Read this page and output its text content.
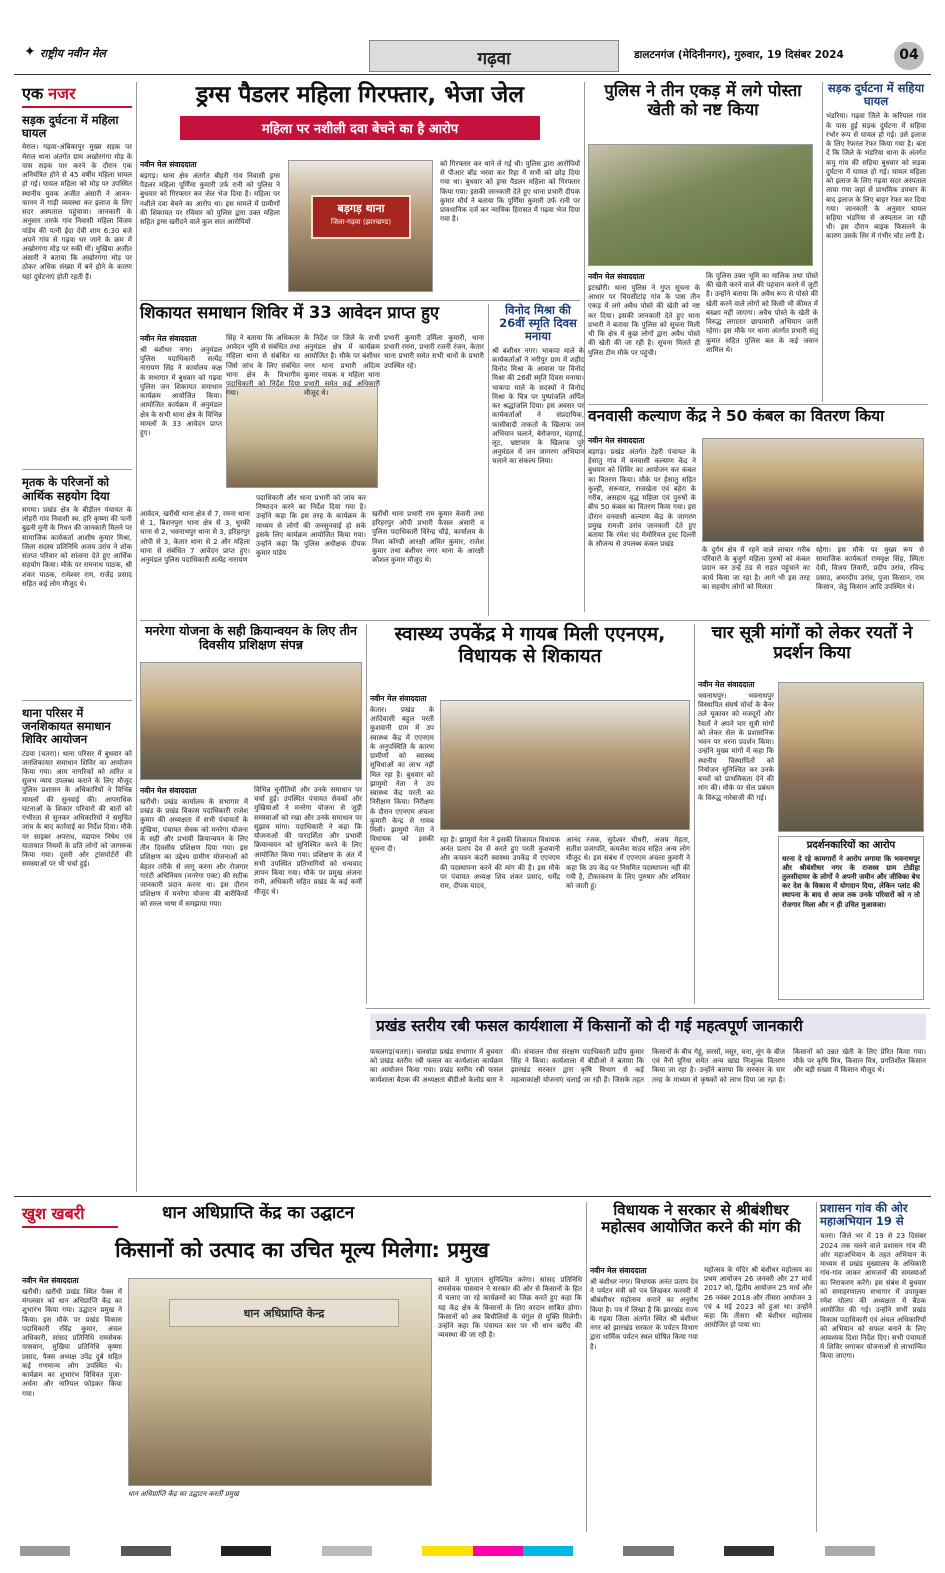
✦ राष्ट्रीय नवीन मेल	गढ़वा	डालटनगंज (मेदिनीनगर), गुरुवार, 19 दिसंबर 2024	04
एक नजर
सड़क दुर्घटना में महिला घायल
मेराल। गढ़वा-अंबिकापुर मुख्य सड़क पर मेराल थाना अंतर्गत ग्राम अखोरगंगा मोड़ के पास सड़क पार करने के दौरान एक अनियंत्रित होने से 45 वर्षीय महिला घायल हो गई। घायल महिला को मोड़ पर उपस्थित स्थानीय युवक अजीत अंसारी ने आनन-फानन में गाड़ी व्यवस्था कर इलाज के लिए सदर अस्पताल पहुंचाया। जानकारी के अनुसार तारके गांव निवासी महिला विजय पांडेय की पत्नी ईदा देवी शाम 6:30 बजे अपने गांव से गढ़वा घर जाने के क्रम में अखोरगंगा मोड़ पर रुकी थीं। मुखिया अजीत अंसारी ने बताया कि अखोरगंगा मोड़ पर ठोकर अधिक संख्या में बने होने के कारण यहां दुर्घटनाएं होती रहती हैं।
मृतक के परिजनों को आर्थिक सहयोग दिया
सगमा। प्रखंड क्षेत्र के बीड़ीतर पंचायत के लोहरी गांव निवासी स्व. हरि कृष्णा की पत्नी बुढ़नी मुनी के निधन की जानकारी मिलने पर सामाजिक कार्यकर्ता आशीष कुमार मिश्रा, जिला सदस्य प्रतिनिधि अजय उरांव ने शोक संतप्त परिवार को सांत्वना देते हुए आर्थिक सहयोग किया। मौके पर रामनाथ पाठक, श्री शंकर पाठक, रामेश्वर राम, राजेंद्र प्रसाद सहित कई लोग मौजूद थे।
थाना परिसर में जनशिकायत समाधान शिविर आयोजन
टंडवा (चतरा)। थाना परिसर में बुधवार को जनशिकायत समाधान शिविर का आयोजन किया गया। आम नागरिकों को त्वरित व सुलभ न्याय उपलब्ध कराने के लिए मौजूद पुलिस प्रशासन के अधिकारियों ने विभिन्न मामलों की सुनवाई की। आपराधिक घटनाओं के शिकार परिवारों की बातों को गंभीरता से सुनकर अधिकारियों ने समुचित जांच के बाद कार्रवाई का निर्देश दिया। मौके पर साइबर अपराध, मद्यपान निषेध एवं यातायात नियमों के प्रति लोगों को जागरूक किया गया। दूसरी ओर ट्रांसपोर्टरों की समस्याओं पर भी चर्चा हुई।
ड्रग्स पैडलर महिला गिरफ्तार, भेजा जेल
महिला पर नशीली दवा बेचने का है आरोप
नवीन मेल संवाददाता
बड़गड़। थाना क्षेत्र अंतर्गत बौहरी गांव निवासी ड्रग्स पैडलर महिला पूर्णिमा कुमारी उर्फ रानी को पुलिस ने बुधवार को गिरफ्तार कर जेल भेज दिया है। महिला पर नशीले दवा बेचने का आरोप था। इस मामले में ग्रामीणों की शिकायत पर रविवार को पुलिस द्वारा उक्त महिला सहित ड्रग्स खरीदने वाले कुल सात आरोपियों
बड़गड़ थाना
जिला-गढ़वा (झारखण्ड)
को गिरफ्तार कर थाने ले गई थी। पुलिस द्वारा आरोपियों से पीआर बॉड भरवा कर रिहा में सभी को छोड़ दिया गया था। बुधवार को ड्रग्स पैडलर महिला को गिरफ्तार किया गया। इसकी जानकारी देते हुए थाना प्रभारी दीपक कुमार मौर्य ने बताया कि पूर्णिमा कुमारी उर्फ रानी पर प्रावधानिक दर्ज कर न्यायिक हिरासत में गढ़वा भेज दिया गया है।
पुलिस ने तीन एकड़ में लगे पोस्ता खेती को नष्ट किया
नवीन मेल संवाददाता
इटखोरी। थाना पुलिस ने गुप्त सूचना के आधार पर चिपसीटांड़ गांव के पास तीन एकड़ में लगे अवैध पोस्ते की खेती को नष्ट कर दिया। इसकी जानकारी देते हुए थाना प्रभारी ने बताया कि पुलिस को सूचना मिली थी कि क्षेत्र में कुछ लोगों द्वारा अवैध पोस्ते की खेती की जा रही है। सूचना मिलते ही पुलिस टीम मौके पर पहुंची।
कि पुलिस उक्त भूमि का मालिक तथा पोस्ते की खेती करने वाले की पहचान करने में जुटी है। उन्होंने बताया कि अवैध रूप से पोस्ते की खेती करने वाले लोगों को किसी भी कीमत में बख्शा नहीं जाएगा। अवैध पोस्ते के खेती के विरुद्ध लगातार छापामारी अभियान जारी रहेगा। इस मौके पर थाना अंतर्गत प्रभारी संतु कुमार सहित पुलिस बल के कई जवान शामिल थे।
सड़क दुर्घटना में सहिया घायल
भंडरिया। गढ़वा जिले के करियाल गांव के पास हुई सड़क दुर्घटना में सहिया रंभोर रूप से घायल हो गई। उसे इलाज के लिए रेफरल रेफर किया गया है। बता दें कि जिले के भंडरिया थाना के अंतर्गत कपु गांव की सहिया बुधवार को सड़क दुर्घटना में घायल हो गई। घायल महिला को इलाज के लिए गढ़वा सदर अस्पताल लाया गया जहां से प्राथमिक उपचार के बाद इलाज के लिए बाहर रेफर कर दिया गया। जानकारी के अनुसार घायल सहिया भंडरिया से अस्पताल जा रही थी। इस दौरान बाइक फिसलने के कारण उसके सिर में गंभीर चोट लगी है।
शिकायत समाधान शिविर में 33 आवेदन प्राप्त हुए
नवीन मेल संवाददाता
श्री बंशीधर नगर। अनुमंडल पुलिस पदाधिकारी सत्येंद्र नारायण सिंह ने कार्यालय कक्ष के सभागार में बुधवार को गढ़वा पुलिस जन शिकायत समाधान कार्यक्रम आयोजित किया। आयोजित कार्यक्रम में अनुमंडल क्षेत्र के सभी थाना क्षेत्र के विभिन्न मामलों के 33 आवेदन प्राप्त हुए।
सिंह ने बताया कि अधिकतर आवेदन भूमि से संबंधित तथा महिला थाना से संबंधित था जिसे जांच के लिए संबंधित थाना क्षेत्र के विभागीय पदाधिकारी को निर्देश दिया गया।
के निर्देश पर जिले के सभी अनुमंडल क्षेत्र में कार्यक्रम आयोजित है। मौके पर बंशीधर नगर थाना प्रभारी अदित्य कुमार नायक व महिला थाना प्रभारी समेत कई अधिकारी मौजूद थे।
प्रभारी कुमारी उर्मिला कुमारी, थाना प्रभारी रमना, प्रभारी रजनी रंजन, केतार थाना प्रभारी समेत सभी थानों के प्रभारी उपस्थित रहे।
आवेदन, खरौंधी थाना क्षेत्र से 7, रमना थाना से 1, बिशनपुरा थाना क्षेत्र से 3, धुरकी थाना से 2, भवनाथपुर थाना से 3, हरिहरपुर ओपी से 3, केतार थाना से 2 और महिला थाना से संबंधित 7 आवेदन प्राप्त हुए। अनुमंडल पुलिस पदाधिकारी सत्येंद्र नारायण
पदाधिकारी और थाना प्रभारी को जांच कर निष्पादन करने का निर्देश दिया गया है। उन्होंने कहा कि इस तरह के कार्यक्रम के माध्यम से लोगों की जनसुनवाई हो सके इसके लिए कार्यक्रम आयोजित किया गया। उन्होंने कहा कि पुलिस अधीक्षक दीपक कुमार पांडेय
खरौंधी थाना प्रभारी राम कुमार केसरी तथा हरिहरपुर ओपी प्रभारी फैसल अंसारी व पुलिस पदाधिकारी विरेन्द्र चौड़े, कार्यालय के निशा कॉण्डी आरक्षी अमित कुमार, राजेश कुमार तथा बंशीधर नगर थाना के आरक्षी कौशल कुमार मौजूद थे।
विनोद मिश्रा की 26वीं स्मृति दिवस मनाया
श्री बंशीधर नगर। भाकपा माले के कार्यकर्ताओं ने नगीपुर ग्राम में शहीद विनोद मिश्रा के आवास पर विनोद मिश्रा की 26वीं स्मृति दिवस मनाया। भाकपा माले के सदस्यों ने विनोद मिश्रा के चित्र पर पुष्पांजलि अर्पित कर श्रद्धांजलि दिया। इस अवसर पर कार्यकर्ताओं ने संप्रदायिक, फासीवादी ताकतों के खिलाफ जन अभियान चलाने, बेरोजगार, मंहगाई, लूट, भ्रष्टाचार के खिलाफ पूरे अनुमंडल में जन जागरण अभियान चलाने का संकल्प लिया।
वनवासी कल्याण केंद्र ने 50 कंबल का वितरण किया
नवीन मेल संवाददाता
बड़गड़। प्रखंड अंतर्गत टेहरी पंचायत के हेसातु गांव में वनवासी कल्याण केंद्र ने बुधवार को शिविर का आयोजन कर कंबल का वितरण किया। मौके पर हेसातु सहित कुल्ही, सरूयात, राजखेता एवं बहेरा के गरीब, असहाय वृद्ध महिला एवं पुरुषों के बीच 50 कंबल का वितरण किया गया। इस दौरान वनवासी कल्याण केंद्र के जागरण प्रमुख रामजी उरांव जानकारी देते हुए बताया कि रमेश चंद मेमोरियल ट्रस्ट दिल्ली के सौजन्य से उपलब्ध कंबल प्रखंड
के दुर्गम क्षेत्र में रहने वाले लाचार गरीब परिवारों के बुजुर्ग महिला पुरुषों को कंबल प्रदान कर उन्हें ठंड से राहत पहुंचाने का कार्य किया जा रहा है। आगे भी इस तरह का सहयोग लोगों को मिलता
रहेगा। इस मौके पर मुख्य रूप से सामाजिक कार्यकर्ता रामवृक्ष सिंह, स्मिता देवी, विजय तिवारी, प्रदीप उरांव, रविन्द्र प्रसाद, अमरदीप उरांव, पुजा किसान, राम किसान, जेठु किसान आदि उपस्थित थे।
मनरेगा योजना के सही क्रियान्वयन के लिए तीन दिवसीय प्रशिक्षण संपन्न
नवीन मेल संवाददाता
खरौंधी। प्रखंड कार्यालय के सभागार में प्रखंड के प्रखंड विकास पदाधिकारी राजेश कुमार की अध्यक्षता में सभी पंचायतों के मुखिया, पंचायत सेवक को मनरेगा योजना के सही और प्रभावी क्रियान्वयन के लिए तीन दिवसीय प्रशिक्षण दिया गया। इस प्रशिक्षण का उद्देश्य ग्रामीण योजनाओं को बेहतर तरीके से लागू करना और रोजगार गारंटी अधिनियम (मनरेगा एक्ट) की सटीक जानकारी प्रदान करना था। इस दौरान प्रशिक्षण में मनरेगा योजना की बारीकियों को सरल भाषा में समझाया गया।
विभिन्न चुनौतियों और उनके समाधान पर चर्चा हुई। उपस्थित पंचायत सेवकों और मुखियाओं ने मनरेगा योजना से जुड़ी समस्याओं को रखा और उनके समाधान पर सुझाव मांगा। पदाधिकारी ने कहा कि योजनाओं की पारदर्शिता और प्रभावी क्रियान्वयन को सुनिश्चित करने के लिए आयोजित किया गया। प्रशिक्षण के अंत में सभी उपस्थित प्रतिभागियों को धन्यवाद ज्ञापन किया गया। मौके पर प्रमुख अंजना रानी, अधिकारी सहित प्रखंड के कई कर्मी मौजूद थे।
स्वास्थ्य उपकेंद्र मे गायब मिली एएनएम, विधायक से शिकायत
नवीन मेल संवाददाता
केतार। प्रखंड के आदिवासी बहुल परती कुशवानी ग्राम में उप स्वास्थ्य केंद्र में एएनएम के अनुपस्थिति के कारण ग्रामीणों को स्वास्थ्य सुविधाओं का लाभ नहीं मिल रहा है। बुधवार को झामुमो नेता ने उप स्वास्थ्य केंद्र परती का निरीक्षण किया। निरीक्षण के दौरान एएनएम अंचला कुमारी केन्द्र से गायब मिली। झामुमो नेता ने विधायक को इसकी सूचना दी।
रहा है। झामुमो नेता ने इसकी शिकायत विधायक अनंत प्रताप देव से करते हुए परती कुशवानी और कचवन कंदरी स्वास्थ्य उपकेंद्र में एएनएम की पदस्थापना करने की मांग की है। इस मौके पर पंचायत अध्यक्ष शिव शंकर प्रसाद, धर्मेंद्र राम, दीपक यादव,
आनंद रजक, सुदेश्वर चौधरी, अजय मेहता, सतीश प्रजापति, कमलेश यादव सहित अन्य लोग मौजूद थे। इस संबंध में एएनएम अंचला कुमारी ने कहा कि उप केंद्र पर नियमित पदस्थापना नहीं की गयी है, टीकाकरण के लिए पुरुषार और शनिवार को जाती हूं।
चार सूत्री मांगों को लेकर रयतों ने प्रदर्शन किया
नवीन मेल संवाददाता
भवनाथपुर। भवनाथपुर विस्थापित संघर्ष मोर्चा के बैनर तले यूकावर को मजदूरों और रैयतों ने अपने चार सूत्री मांगों को लेकर सेल के प्रशासनिक भवन पर धरना प्रदर्शन किया। उन्होंने मुख्य मांगों में कहा कि स्थानीय विस्थापितों को नियोजन सुनिश्चित कर उनके बच्चों को प्राथमिकता देने की मांग की। मौके पर सेल प्रबंधन के विरुद्ध नारेबाजी की गई।
प्रदर्शनकारियों का आरोप
धरना दे रहे कामगारों ने आरोप लगाया कि भवनाथपुर और श्रीबंशीधर नगर के राजस्व ग्राम टोडीहा तुलसीदामर के लोगों ने अपनी जमीन और जीविका बेच कर देश के विकास में योगदान दिया, लेकिन प्लांट की स्थापना के बाद से आज तक उनके परिवारों को न तो रोजगार मिला और न ही उचित मुआवजा।
प्रखंड स्तरीय रबी फसल कार्यशाला में किसानों को दी गई महत्वपूर्ण जानकारी
फचलगड़(चतरा)। चलवांडा प्रखंड सभागार में बुधवार को प्रखंड स्तरीय रबी फसल का कार्यशाला कार्यक्रम का आयोजन किया गया। प्रखंड स्तरीय रबी फसल कार्यशाला बैठक की अध्यक्षता बीडीओ केलोड बारा ने की। संचालन पौधा संरक्षण पदाधिकारी प्रदीप कुमार सिंह ने किया। कार्यशाला में बीडीओ ने बताया कि झारखंड सरकार द्वारा कृषि विभाग से कई महत्वाकांक्षी योजनाएं चलाई जा रही हैं। जिसके तहत किसानों के बीच गेहूं, सरसों, मसूर, चना, मूंग के बीज एवं नैनो यूरिया समेत अन्य खाद्य निःशुल्क वितरण किया जा रहा है। उन्होंने बताया कि सरकार के चार तरह के माध्यम से कृषकों को लाभ दिया जा रहा है। किसानों को उन्नत खेती के लिए प्रेरित किया गया। मौके पर कृषि मित्र, किसान मित्र, प्रगतिशील किसान और बड़ी संख्या में किसान मौजूद थे।
खुश खबरी	धान अधिप्राप्ति केंद्र का उद्घाटन
किसानों को उत्पाद का उचित मूल्य मिलेगा: प्रमुख
नवीन मेल संवाददाता
खरौंधी। खरौंधी प्रखंड स्थित पैक्स में मंगलवार को धान अधिप्राप्ति केंद्र का शुभारंभ किया गया। उद्घाटन प्रमुख ने किया। इस मौके पर प्रखंड विकास पदाधिकारी रविंद्र कुमार, अंचल अधिकारी, सांसद प्रतिनिधि रामसेवक पासवान, मुखिया प्रतिनिधि कृष्णा प्रसाद, पैक्स अध्यक्ष उपेंद्र दुबे सहित कई गणमान्य लोग उपस्थित थे। कार्यक्रम का शुभारंभ विधिवत पूजा-अर्चना और नारियल फोड़कर किया गया।
धान अधिप्राप्ति केन्द्र
धान अधिप्राप्ति केंद्र का उद्घाटन करतीं प्रमुख
खाते में भुगतान सुनिश्चित करेगा। सांसद प्रतिनिधि रामसेवक पासवान ने सरकार की ओर से किसानों के हित में चलाए जा रहे कार्यक्रमों का जिक्र करते हुए कहा कि यह केंद्र क्षेत्र के किसानों के लिए वरदान साबित होगा। किसानों को अब बिचौलियों के चंगुल से मुक्ति मिलेगी। उन्होंने कहा कि पंचायत स्तर पर भी धान खरीद की व्यवस्था की जा रही है।
विधायक ने सरकार से श्रीबंशीधर महोत्सव आयोजित करने की मांग की
नवीन मेल संवाददाता
श्री बंशीधर नगर। विधायक अनंत प्रताप देव ने पर्यटन मंत्री को पत्र लिखकर फरवरी में श्रीबंशीधर महोत्सव कराने का अनुरोध किया है। पत्र में लिखा है कि झारखंड राज्य के गढ़वा जिला अंतर्गत स्थित श्री बंशीधर नगर को झारखंड सरकार के पर्यटन विभाग द्वारा धार्मिक पर्यटन स्थल घोषित किया गया है।
महोत्सव के मंदिर श्री बंशीधर महोत्सव का प्रथम आयोजन 26 जनवरी और 27 मार्च 2017 को, द्वितीय आयोजन 25 मार्च और 26 नवंबर 2018 और तीसरा आयोजन 3 एवं 4 मई 2023 को हुआ था। उन्होंने कहा कि तीसरा श्री बंशीधर महोत्सव आयोजित हो पाया था।
प्रशासन गांव की ओर महाअभियान 19 से
चतरा। जिले भर में 19 से 23 दिसंबर 2024 तक चलने वाले प्रशासन गांव की ओर महाअभियान के तहत अभियान के माध्यम से प्रखंड मुख्यालय के अधिकारी गांव-गांव जाकर आमजनों की समस्याओं का निराकरण करेंगे। इस संबंध में बुधवार को समाहरणालय सभागार में उपायुक्त रमेश घोलप की अध्यक्षता में बैठक आयोजित की गई। उन्होंने सभी प्रखंड विकास पदाधिकारी एवं अंचल अधिकारियों को अभियान को सफल बनाने के लिए आवश्यक दिशा निर्देश दिए। सभी पंचायतों में शिविर लगाकर योजनाओं से लाभान्वित किया जाएगा।
